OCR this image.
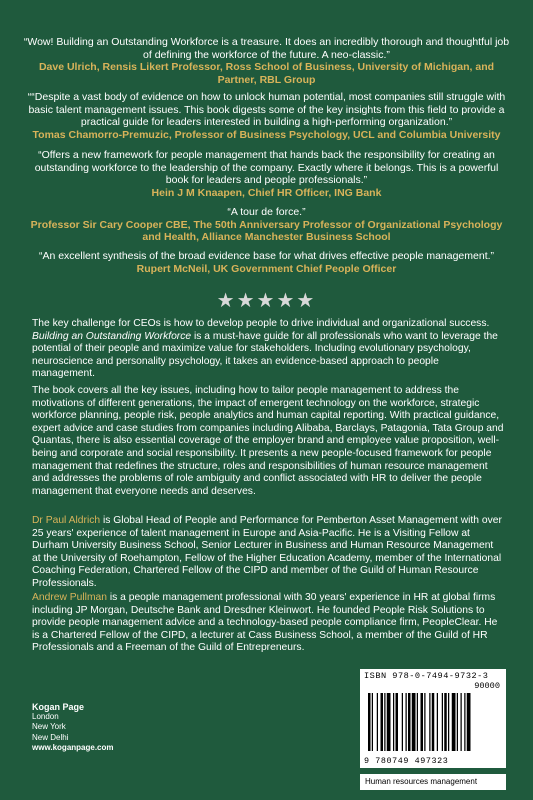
“Wow! Building an Outstanding Workforce is a treasure. It does an incredibly thorough and thoughtful job of defining the workforce of the future. A neo-classic.”
Dave Ulrich, Rensis Likert Professor, Ross School of Business, University of Michigan, and Partner, RBL Group
““Despite a vast body of evidence on how to unlock human potential, most companies still struggle with basic talent management issues. This book digests some of the key insights from this field to provide a practical guide for leaders interested in building a high-performing organization.”
Tomas Chamorro-Premuzic, Professor of Business Psychology, UCL and Columbia University
“Offers a new framework for people management that hands back the responsibility for creating an outstanding workforce to the leadership of the company. Exactly where it belongs. This is a powerful book for leaders and people professionals.”
Hein J M Knaapen, Chief HR Officer, ING Bank
“A tour de force.”
Professor Sir Cary Cooper CBE, The 50th Anniversary Professor of Organizational Psychology and Health, Alliance Manchester Business School
“An excellent synthesis of the broad evidence base for what drives effective people management.”
Rupert McNeil, UK Government Chief People Officer
★★★★★

The key challenge for CEOs is how to develop people to drive individual and organizational success.
Building an Outstanding Workforce is a must-have guide for all professionals who want to leverage the potential of their people and maximize value for stakeholders. Including evolutionary psychology, neuroscience and personality psychology, it takes an evidence-based approach to people management.

The book covers all the key issues, including how to tailor people management to address the motivations of different generations, the impact of emergent technology on the workforce, strategic workforce planning, people risk, people analytics and human capital reporting. With practical guidance, expert advice and case studies from companies including Alibaba, Barclays, Patagonia, Tata Group and Quantas, there is also essential coverage of the employer brand and employee value proposition, well-being and corporate and social responsibility. It presents a new people-focused framework for people management that redefines the structure, roles and responsibilities of human resource management and addresses the problems of role ambiguity and conflict associated with HR to deliver the people management that everyone needs and deserves.

Dr Paul Aldrich is Global Head of People and Performance for Pemberton Asset Management with over 25 years' experience of talent management in Europe and Asia-Pacific. He is a Visiting Fellow at Durham University Business School, Senior Lecturer in Business and Human Resource Management at the University of Roehampton, Fellow of the Higher Education Academy, member of the International Coaching Federation, Chartered Fellow of the CIPD and member of the Guild of Human Resource Professionals.

Andrew Pullman is a people management professional with 30 years' experience in HR at global firms including JP Morgan, Deutsche Bank and Dresdner Kleinwort. He founded People Risk Solutions to provide people management advice and a technology-based people compliance firm, PeopleClear. He is a Chartered Fellow of the CIPD, a lecturer at Cass Business School, a member of the Guild of HR Professionals and a Freeman of the Guild of Entrepreneurs.

Kogan Page
London
New York
New Delhi
www.koganpage.com
ISBN 978-0-7494-9732-3
90000
9 780749 497323
Human resources management
